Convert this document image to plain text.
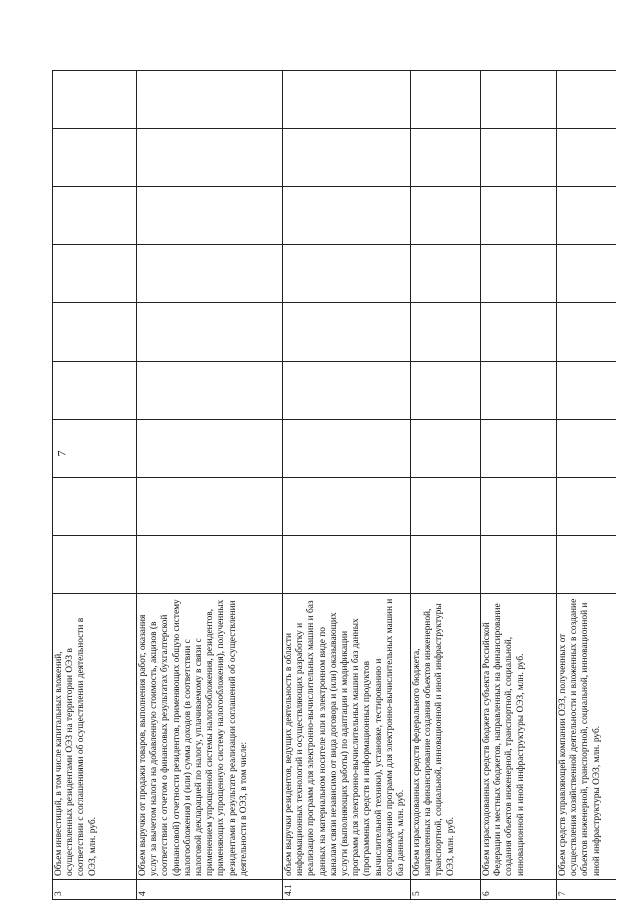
7
3	Объем инвестиций, в том числе капитальных вложений, осуществленных резидентами ОЭЗ на территории ОЭЗ в соответствии с соглашениями об осуществлении деятельности в ОЭЗ, млн. руб.									
4	Объем выручки от продажи товаров, выполнения работ, оказания услуг за вычетом налога на добавленную стоимость, акцизов (в соответствии с отчетом о финансовых результатах бухгалтерской (финансовой) отчетности резидентов, применяющих общую систему налогообложения) и (или) сумма доходов (в соответствии с налоговой декларацией по налогу, уплачиваемому в связи с применением упрощенной системы налогообложения, резидентов, применяющих упрощенную систему налогообложения), полученных резидентами в результате реализации соглашений об осуществлении деятельности в ОЭЗ, в том числе:									
4.1	объем выручки резидентов, ведущих деятельность в области информационных технологий и осуществляющих разработку и реализацию программ для электронно-вычислительных машин и баз данных на материальном носителе или в электронном виде по каналам связи независимо от вида договора и (или) оказывающих услуги (выполняющих работы) по адаптации и модификации программ для электронно-вычислительных машин и баз данных (программных средств и информационных продуктов вычислительной техники), установке, тестированию и сопровождению программ для электронно-вычислительных машин и баз данных, млн. руб.									
5	Объем израсходованных средств федерального бюджета, направленных на финансирование создания объектов инженерной, транспортной, социальной, инновационной и иной инфраструктуры ОЭЗ, млн. руб.									
6	Объем израсходованных средств бюджета субъекта Российской Федерации и местных бюджетов, направленных на финансирование создания объектов инженерной, транспортной, социальной, инновационной и иной инфраструктуры ОЭЗ, млн. руб.									
7	Объем средств управляющей компании ОЭЗ, полученных от осуществления хозяйственной деятельности и вложенных в создание объектов инженерной, транспортной, социальной, инновационной и иной инфраструктуры ОЭЗ, млн. руб.									
